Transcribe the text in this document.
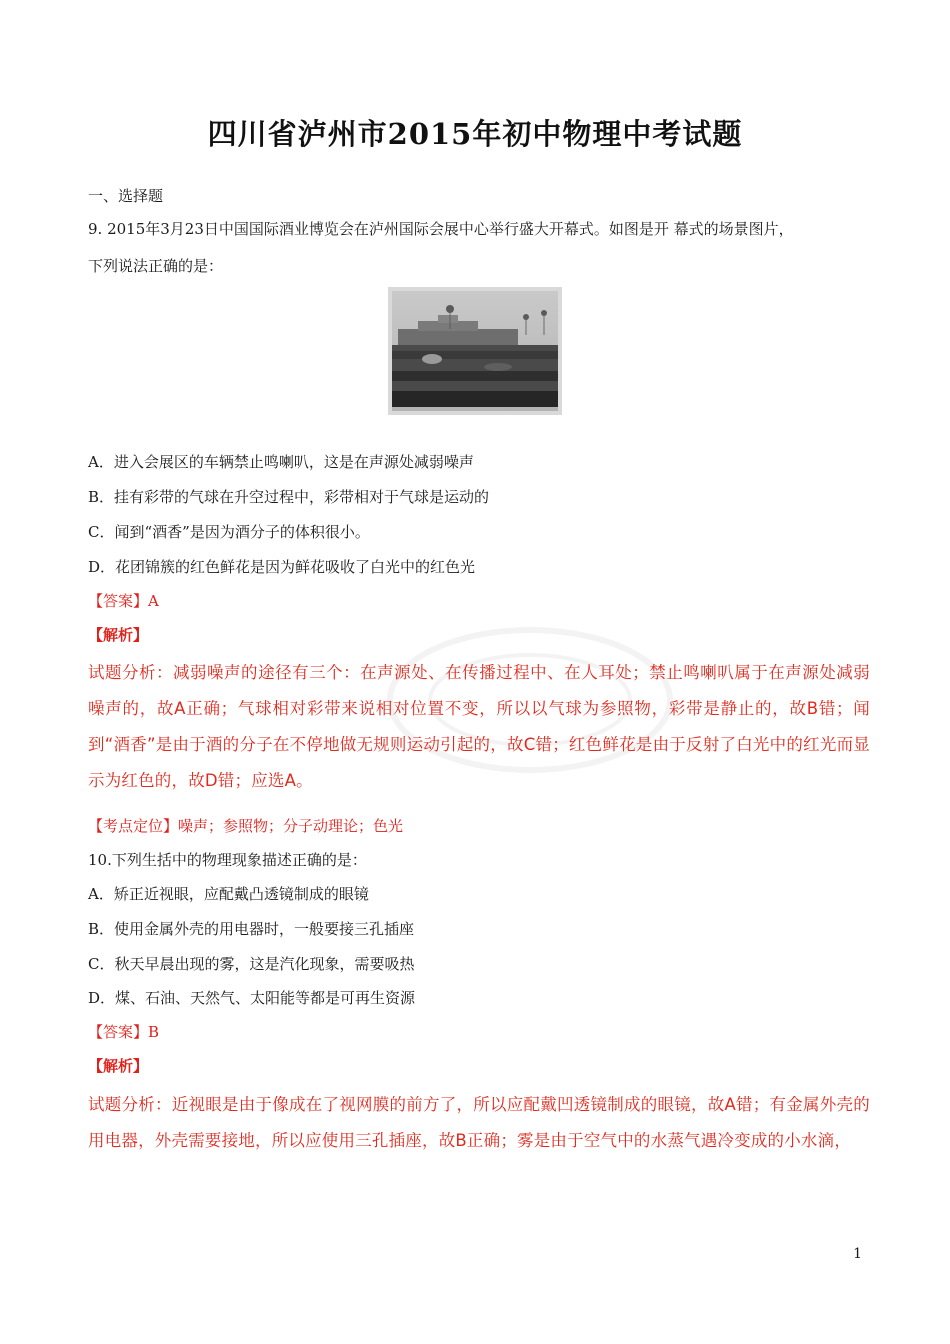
四川省泸州市2015年初中物理中考试题
一、选择题
9. 2015年3月23日中国国际酒业博览会在泸州国际会展中心举行盛大开幕式。如图是开 幕式的场景图片，
下列说法正确的是：
A．进入会展区的车辆禁止鸣喇叭，这是在声源处减弱噪声
B．挂有彩带的气球在升空过程中，彩带相对于气球是运动的
C．闻到“酒香”是因为酒分子的体积很小。
D．花团锦簇的红色鲜花是因为鲜花吸收了白光中的红色光
【答案】A
【解析】
试题分析：减弱噪声的途径有三个：在声源处、在传播过程中、在人耳处；禁止鸣喇叭属于在声源处减弱噪声的，故A正确；气球相对彩带来说相对位置不变，所以以气球为参照物，彩带是静止的，故B错；闻到“酒香”是由于酒的分子在不停地做无规则运动引起的，故C错；红色鲜花是由于反射了白光中的红光而显示为红色的，故D错；应选A。
【考点定位】噪声；参照物；分子动理论；色光
10.下列生括中的物理现象描述正确的是：
A．矫正近视眼，应配戴凸透镜制成的眼镜
B．使用金属外壳的用电器时，一般要接三孔插座
C．秋天早晨出现的雾，这是汽化现象，需要吸热
D．煤、石油、天然气、太阳能等都是可再生资源
【答案】B
【解析】
试题分析：近视眼是由于像成在了视网膜的前方了，所以应配戴凹透镜制成的眼镜，故A错；有金属外壳的用电器，外壳需要接地，所以应使用三孔插座，故B正确；雾是由于空气中的水蒸气遇冷变成的小水滴，
1
